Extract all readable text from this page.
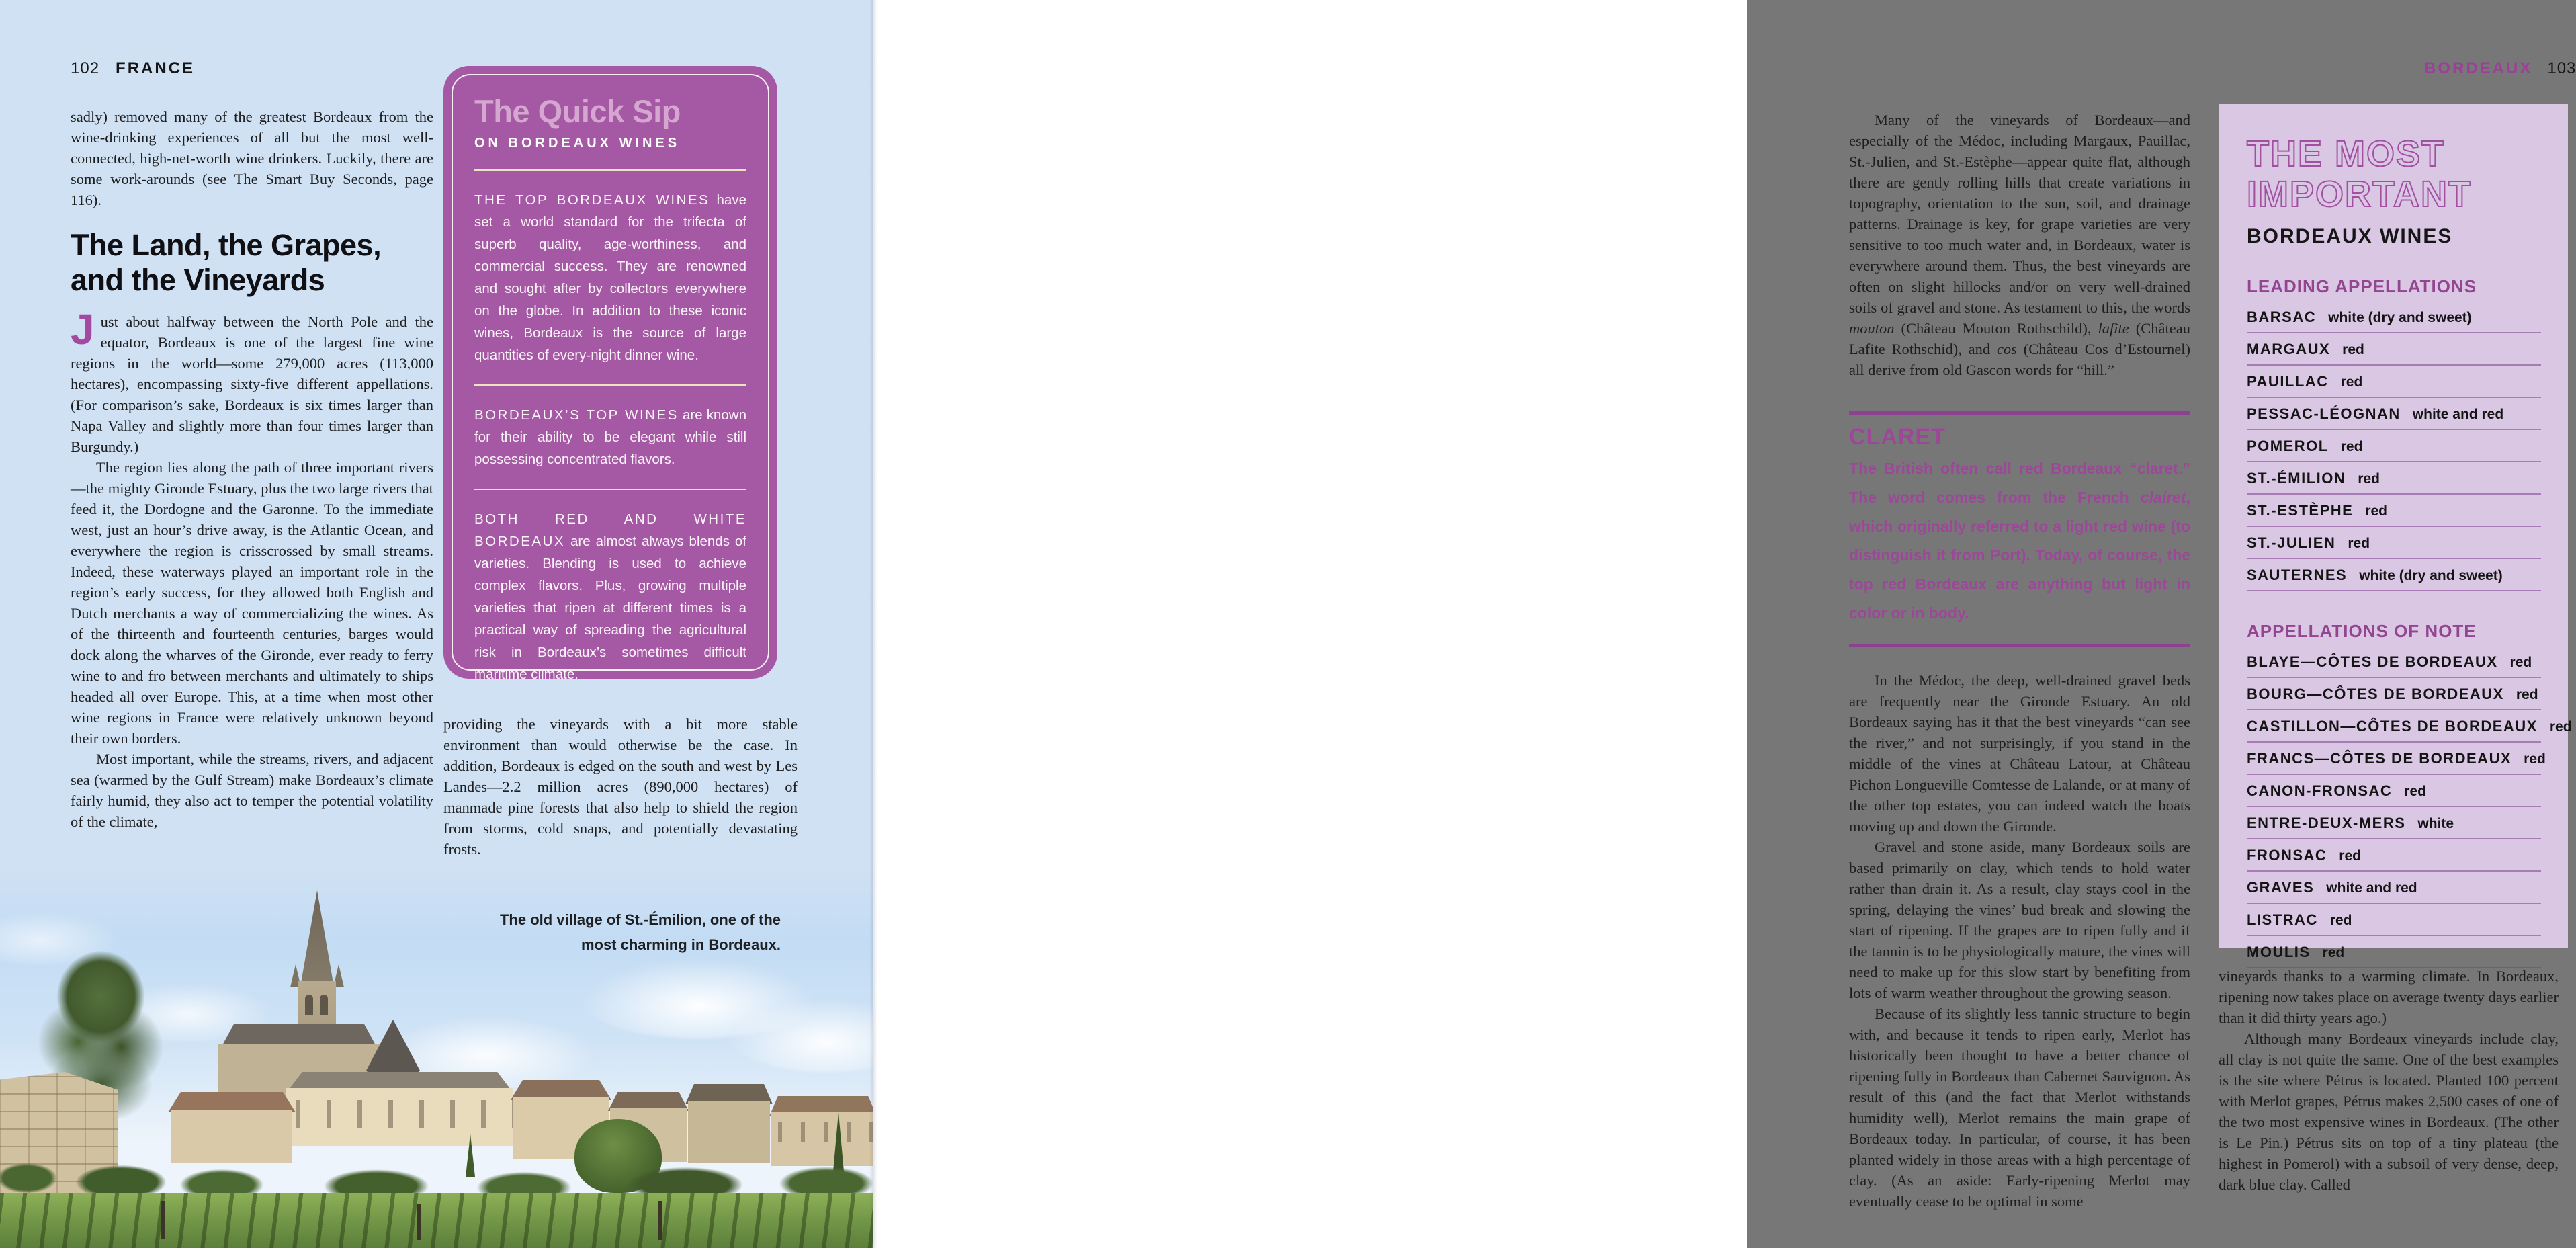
102 FRANCE

sadly) removed many of the greatest Bordeaux from the wine-drinking experiences of all but the most well-connected, high-net-worth wine drinkers. Luckily, there are some work-arounds (see The Smart Buy Seconds, page 116).

The Land, the Grapes,
and the Vineyards

Just about halfway between the North Pole and the equator, Bordeaux is one of the largest fine wine regions in the world—some 279,000 acres (113,000 hectares), encompassing sixty-five different appellations. (For comparison’s sake, Bordeaux is six times larger than Napa Valley and slightly more than four times larger than Burgundy.)

The region lies along the path of three important rivers—the mighty Gironde Estuary, plus the two large rivers that feed it, the Dordogne and the Garonne. To the immediate west, just an hour’s drive away, is the Atlantic Ocean, and everywhere the region is crisscrossed by small streams. Indeed, these waterways played an important role in the region’s early success, for they allowed both English and Dutch merchants a way of commercializing the wines. As of the thirteenth and fourteenth centuries, barges would dock along the wharves of the Gironde, ever ready to ferry wine to and fro between merchants and ultimately to ships headed all over Europe. This, at a time when most other wine regions in France were relatively unknown beyond their own borders.

Most important, while the streams, rivers, and adjacent sea (warmed by the Gulf Stream) make Bordeaux’s climate fairly humid, they also act to temper the potential volatility of the climate,

The Quick Sip
ON BORDEAUX WINES

THE TOP BORDEAUX WINES have set a world standard for the trifecta of superb quality, age-worthiness, and commercial success. They are renowned and sought after by collectors everywhere on the globe. In addition to these iconic wines, Bordeaux is the source of large quantities of every-night dinner wine.

BORDEAUX’S TOP WINES are known for their ability to be elegant while still possessing concentrated flavors.

BOTH RED AND WHITE BORDEAUX are almost always blends of varieties. Blending is used to achieve complex flavors. Plus, growing multiple varieties that ripen at different times is a practical way of spreading the agricultural risk in Bordeaux’s sometimes difficult maritime climate.

providing the vineyards with a bit more stable environment than would otherwise be the case. In addition, Bordeaux is edged on the south and west by Les Landes—2.2 million acres (890,000 hectares) of manmade pine forests that also help to shield the region from storms, cold snaps, and potentially devastating frosts.

The old village of St.-Émilion, one of the
most charming in Bordeaux.
BORDEAUX 103

Many of the vineyards of Bordeaux—and especially of the Médoc, including Margaux, Pauillac, St.-Julien, and St.-Estèphe—appear quite flat, although there are gently rolling hills that create variations in topography, orientation to the sun, soil, and drainage patterns. Drainage is key, for grape varieties are very sensitive to too much water and, in Bordeaux, water is everywhere around them. Thus, the best vineyards are often on slight hillocks and/or on very well-drained soils of gravel and stone. As testament to this, the words mouton (Château Mouton Rothschild), lafite (Château Lafite Rothschid), and cos (Château Cos d’Estournel) all derive from old Gascon words for “hill.”

CLARET
The British often call red Bordeaux “claret.” The word comes from the French clairet, which originally referred to a light red wine (to distinguish it from Port). Today, of course, the top red Bordeaux are anything but light in color or in body.

In the Médoc, the deep, well-drained gravel beds are frequently near the Gironde Estuary. An old Bordeaux saying has it that the best vineyards “can see the river,” and not surprisingly, if you stand in the middle of the vines at Château Latour, at Château Pichon Longueville Comtesse de Lalande, or at many of the other top estates, you can indeed watch the boats moving up and down the Gironde.

Gravel and stone aside, many Bordeaux soils are based primarily on clay, which tends to hold water rather than drain it. As a result, clay stays cool in the spring, delaying the vines’ bud break and slowing the start of ripening. If the grapes are to ripen fully and if the tannin is to be physiologically mature, the vines will need to make up for this slow start by benefiting from lots of warm weather throughout the growing season.

Because of its slightly less tannic structure to begin with, and because it tends to ripen early, Merlot has historically been thought to have a better chance of ripening fully in Bordeaux than Cabernet Sauvignon. As result of this (and the fact that Merlot withstands humidity well), Merlot remains the main grape of Bordeaux today. In particular, of course, it has been planted widely in those areas with a high percentage of clay. (As an aside: Early-ripening Merlot may eventually cease to be optimal in some

THE MOST
IMPORTANT
BORDEAUX WINES
LEADING APPELLATIONS
BARSAC white (dry and sweet)
MARGAUX red
PAUILLAC red
PESSAC-LÉOGNAN white and red
POMEROL red
ST.-ÉMILION red
ST.-ESTÈPHE red
ST.-JULIEN red
SAUTERNES white (dry and sweet)
APPELLATIONS OF NOTE
BLAYE—CÔTES DE BORDEAUX red
BOURG—CÔTES DE BORDEAUX red
CASTILLON—CÔTES DE BORDEAUX red
FRANCS—CÔTES DE BORDEAUX red
CANON-FRONSAC red
ENTRE-DEUX-MERS white
FRONSAC red
GRAVES white and red
LISTRAC red
MOULIS red

vineyards thanks to a warming climate. In Bordeaux, ripening now takes place on average twenty days earlier than it did thirty years ago.)

Although many Bordeaux vineyards include clay, all clay is not quite the same. One of the best examples is the site where Pétrus is located. Planted 100 percent with Merlot grapes, Pétrus makes 2,500 cases of one of the two most expensive wines in Bordeaux. (The other is Le Pin.) Pétrus sits on top of a tiny plateau (the highest in Pomerol) with a subsoil of very dense, deep, dark blue clay. Called
